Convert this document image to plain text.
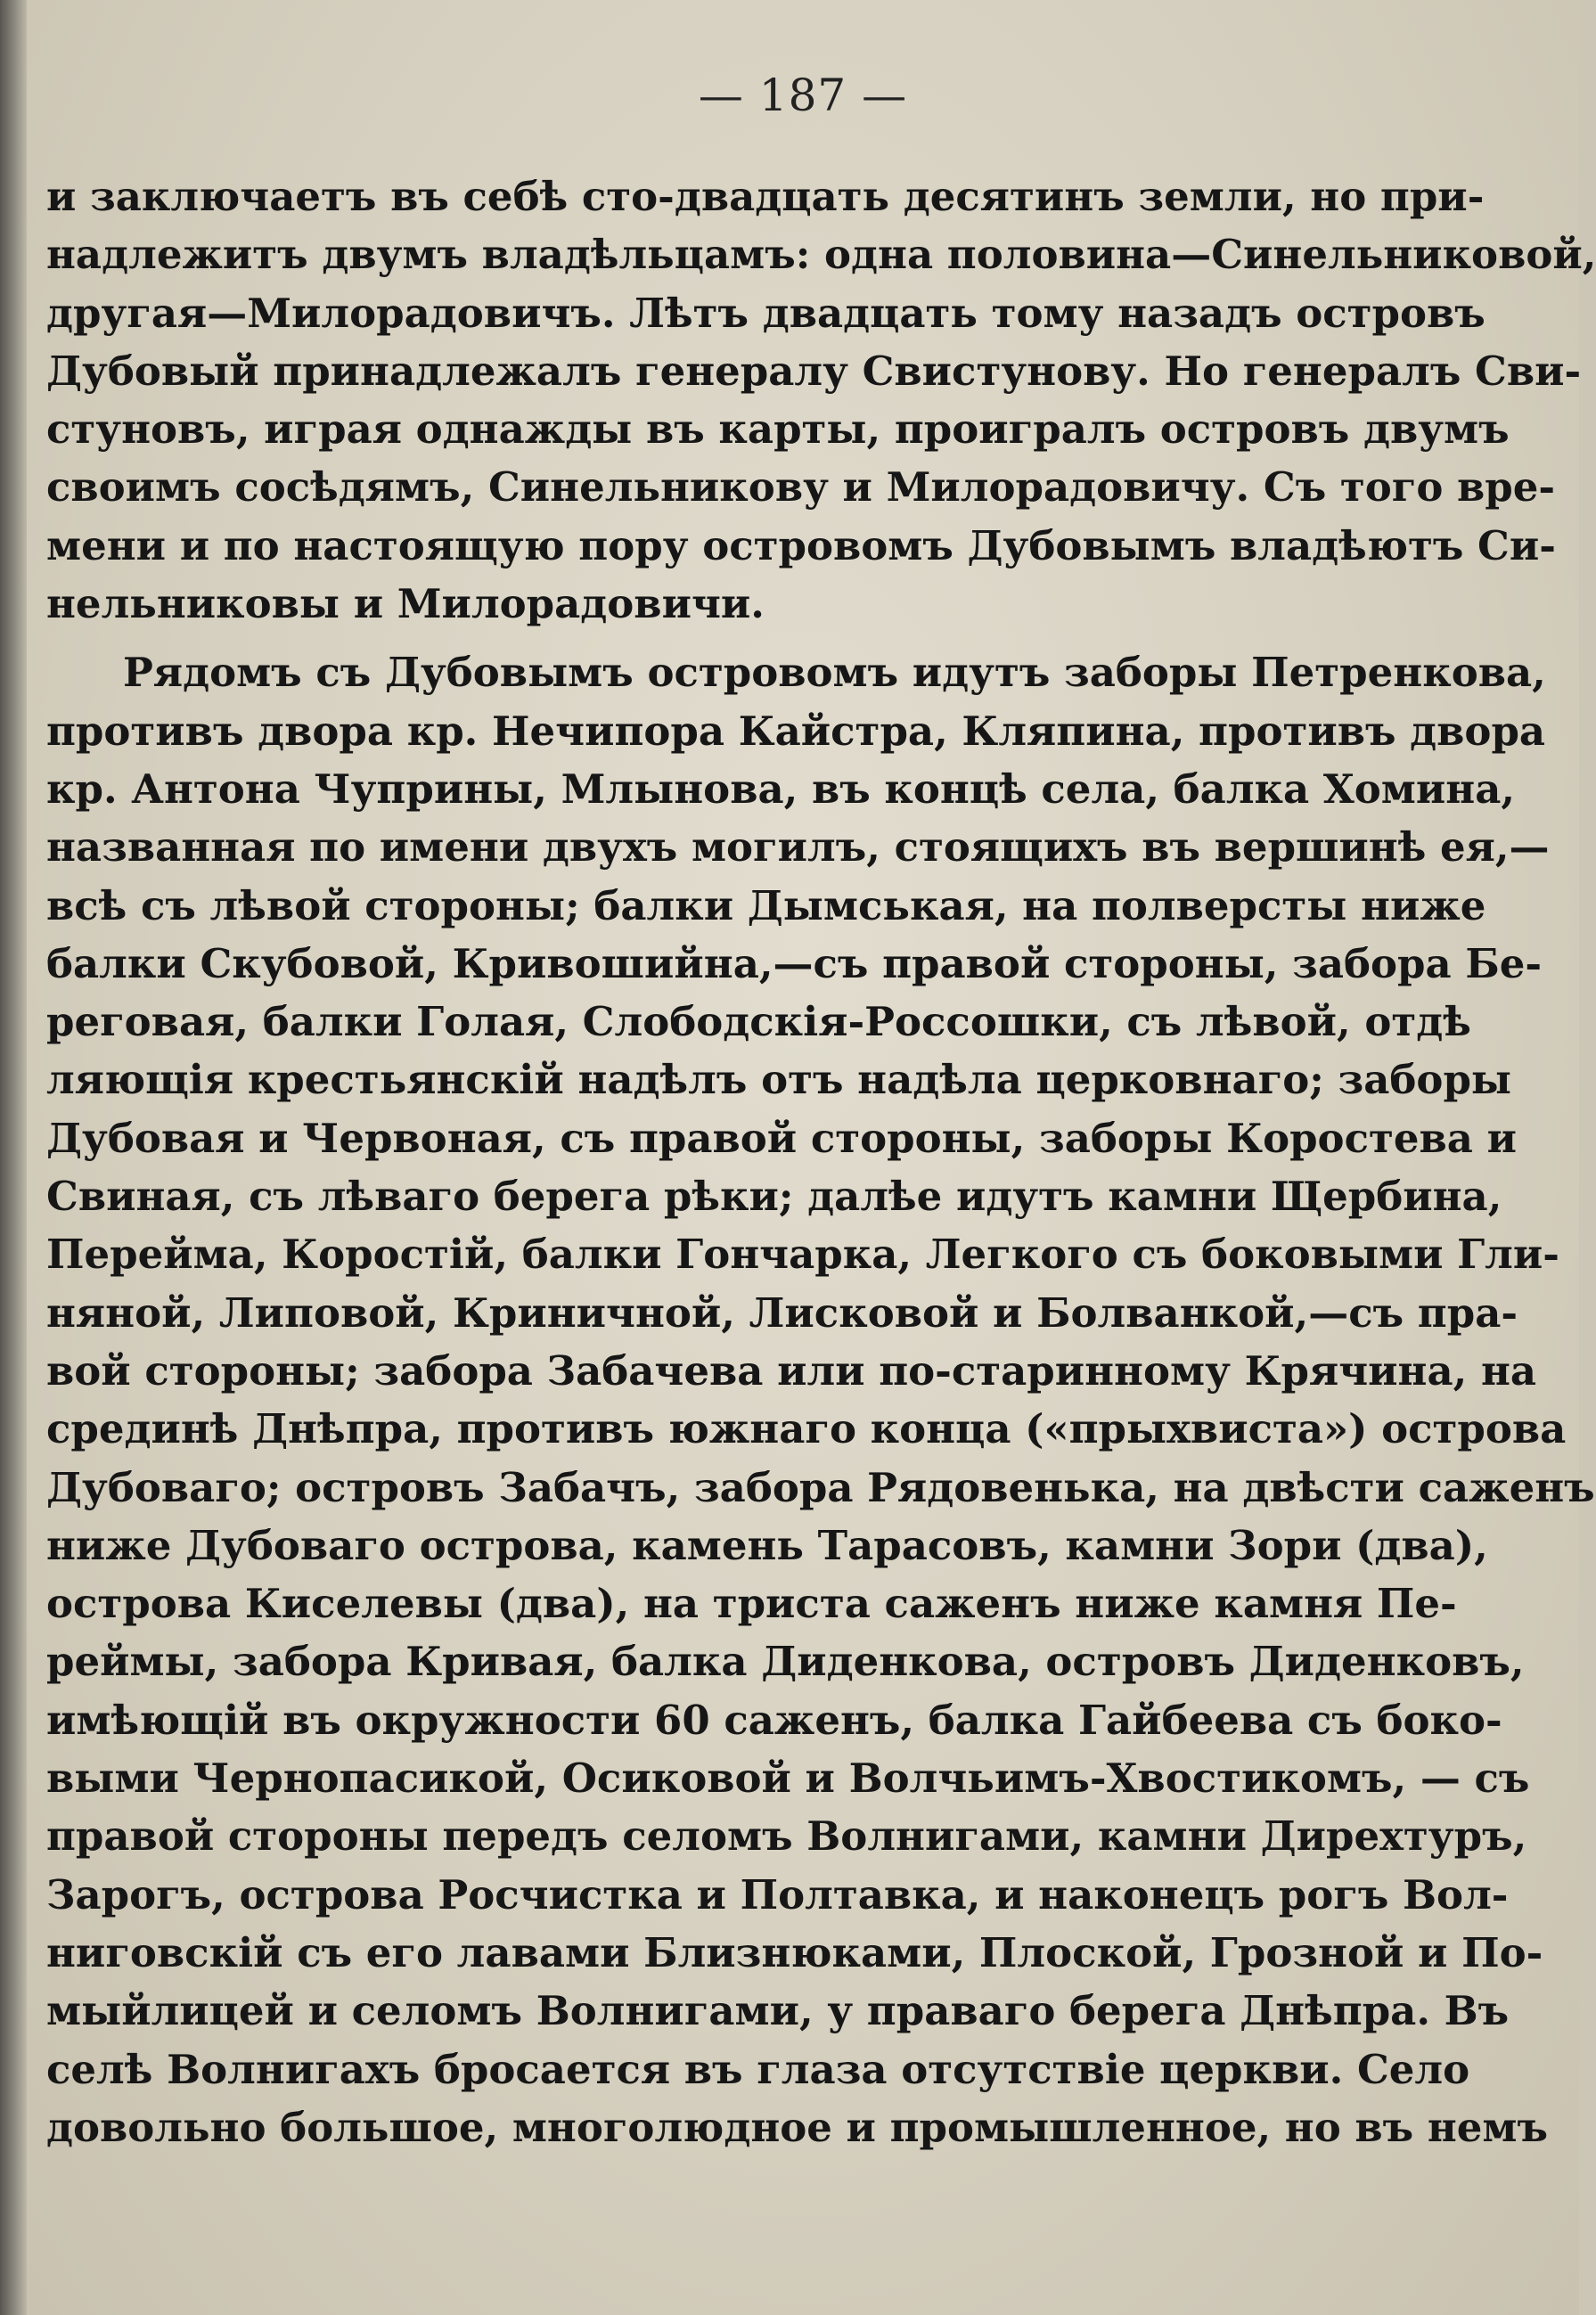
— 187 —
и заключаетъ въ себѣ сто-двадцать десятинъ земли, но при-
надлежитъ двумъ владѣльцамъ: одна половина—Синельниковой,
другая—Милорадовичъ. Лѣтъ двадцать тому назадъ островъ
Дубовый принадлежалъ генералу Свистунову. Но генералъ Сви-
стуновъ, играя однажды въ карты, проигралъ островъ двумъ
своимъ сосѣдямъ, Синельникову и Милорадовичу. Съ того вре-
мени и по настоящую пору островомъ Дубовымъ владѣютъ Си-
нельниковы и Милорадовичи.
Рядомъ съ Дубовымъ островомъ идутъ заборы Петренкова,
противъ двора кр. Нечипора Кайстра, Кляпина, противъ двора
кр. Антона Чуприны, Млынова, въ концѣ села, балка Хомина,
названная по имени двухъ могилъ, стоящихъ въ вершинѣ ея,—
всѣ съ лѣвой стороны; балки Дымськая, на полверсты ниже
балки Скубовой, Кривошийна,—съ правой стороны, забора Бе-
реговая, балки Голая, Слободскія-Россошки, съ лѣвой, отдѣ
ляющія крестьянскій надѣлъ отъ надѣла церковнаго; заборы
Дубовая и Червоная, съ правой стороны, заборы Коростева и
Свиная, съ лѣваго берега рѣки; далѣе идутъ камни Щербина,
Перейма, Коростій, балки Гончарка, Легкого съ боковыми Гли-
няной, Липовой, Криничной, Лисковой и Болванкой,—съ пра-
вой стороны; забора Забачева или по-старинному Крячина, на
срединѣ Днѣпра, противъ южнаго конца («прыхвиста») острова
Дубоваго; островъ Забачъ, забора Рядовенька, на двѣсти саженъ
ниже Дубоваго острова, камень Тарасовъ, камни Зори (два),
острова Киселевы (два), на триста саженъ ниже камня Пе-
реймы, забора Кривая, балка Диденкова, островъ Диденковъ,
имѣющій въ окружности 60 саженъ, балка Гайбеева съ боко-
выми Чернопасикой, Осиковой и Волчьимъ-Хвостикомъ, — съ
правой стороны передъ селомъ Волнигами, камни Дирехтуръ,
Зарогъ, острова Росчистка и Полтавка, и наконецъ рогъ Вол-
ниговскій съ его лавами Близнюками, Плоской, Грозной и По-
мыйлицей и селомъ Волнигами, у праваго берега Днѣпра. Въ
селѣ Волнигахъ бросается въ глаза отсутствіе церкви. Село
довольно большое, многолюдное и промышленное, но въ немъ
